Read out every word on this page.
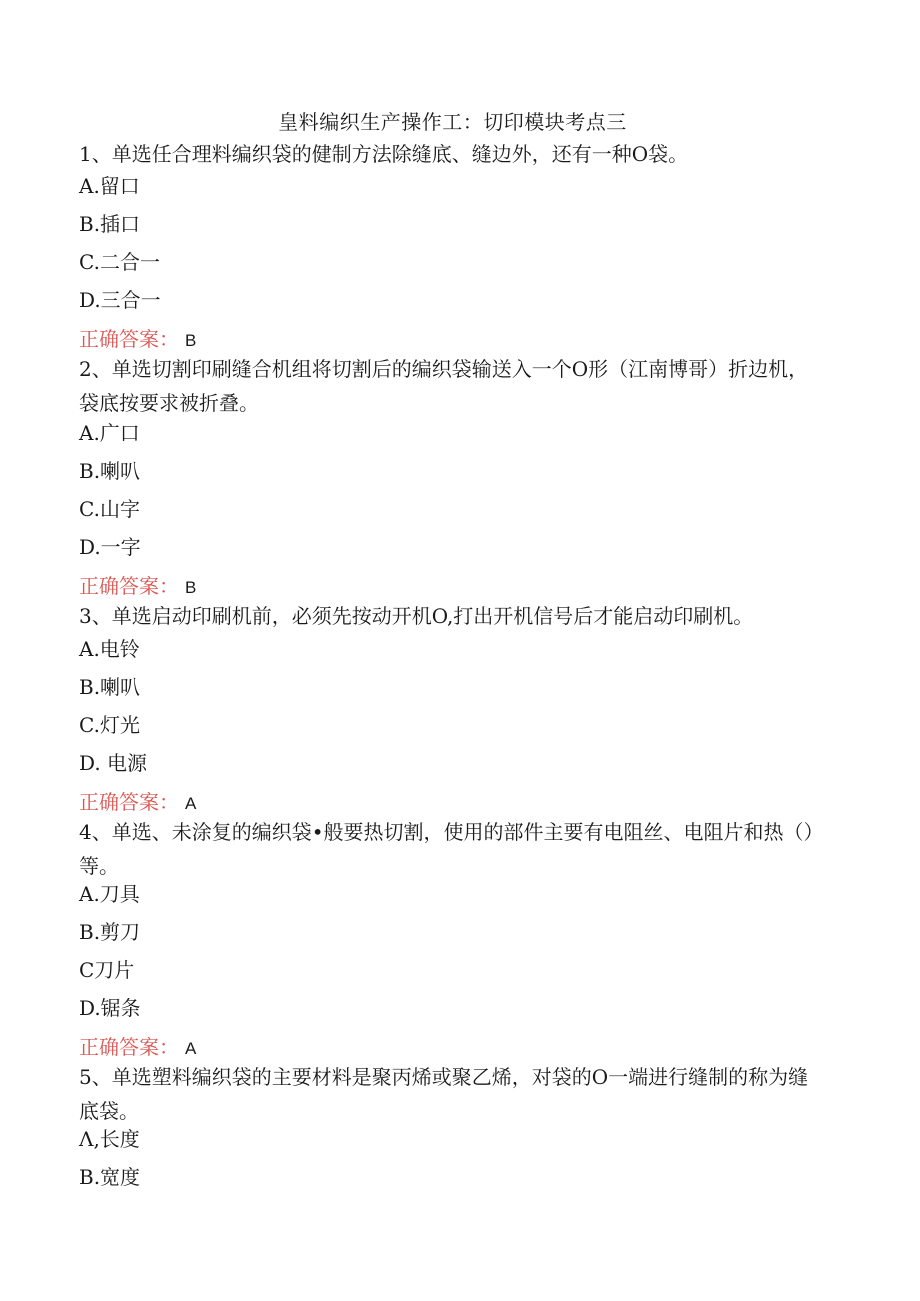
皇料编织生产操作工：切印模块考点三
1、单选任合理料编织袋的健制方法除缝底、缝边外，还有一种O袋。
A.留口
B.插口
C.二合一
D.三合一
正确答案： B
2、单选切割印刷缝合机组将切割后的编织袋输送入一个O形（江南博哥）折边机，袋底按要求被折叠。
A.广口
B.喇叭
C.山字
D.一字
正确答案： B
3、单选启动印刷机前，必须先按动开机O,打出开机信号后才能启动印刷机。
A.电铃
B.喇叭
C.灯光
D. 电源
正确答案： A
4、单选、未涂复的编织袋•般要热切割，使用的部件主要有电阻丝、电阻片和热（）等。
A.刀具
B.剪刀
C刀片
D.锯条
正确答案： A
5、单选塑料编织袋的主要材料是聚丙烯或聚乙烯，对袋的O一端进行缝制的称为缝底袋。
Λ,长度
B.宽度
